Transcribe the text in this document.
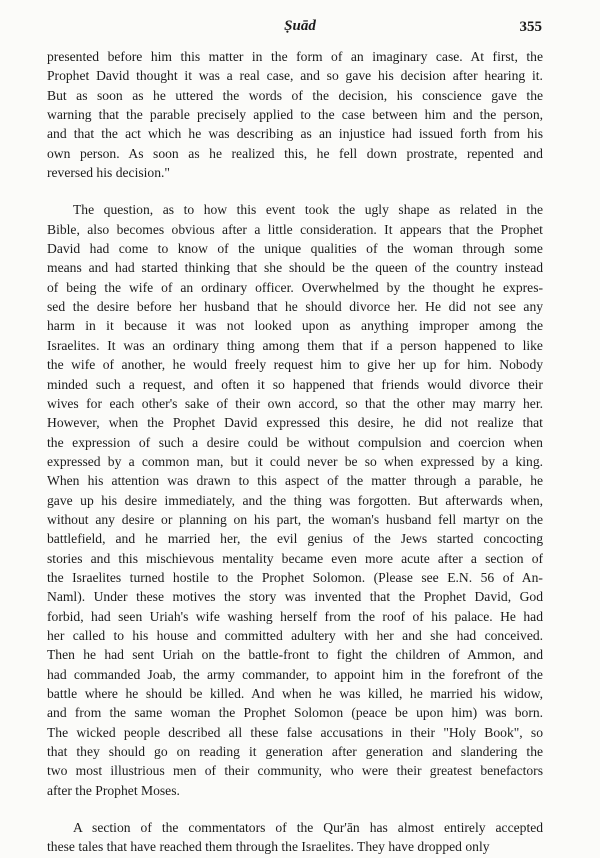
Ṣuād	355

presented before him this matter in the form of an imaginary case. At first, the
Prophet David thought it was a real case, and so gave his decision after hearing it.
But as soon as he uttered the words of the decision, his conscience gave the
warning that the parable precisely applied to the case between him and the person,
and that the act which he was describing as an injustice had issued forth from his
own person. As soon as he realized this, he fell down prostrate, repented and
reversed his decision."

The question, as to how this event took the ugly shape as related in the
Bible, also becomes obvious after a little consideration. It appears that the Prophet
David had come to know of the unique qualities of the woman through some
means and had started thinking that she should be the queen of the country instead
of being the wife of an ordinary officer. Overwhelmed by the thought he expres-
sed the desire before her husband that he should divorce her. He did not see any
harm in it because it was not looked upon as anything improper among the
Israelites. It was an ordinary thing among them that if a person happened to like
the wife of another, he would freely request him to give her up for him. Nobody
minded such a request, and often it so happened that friends would divorce their
wives for each other's sake of their own accord, so that the other may marry her.
However, when the Prophet David expressed this desire, he did not realize that
the expression of such a desire could be without compulsion and coercion when
expressed by a common man, but it could never be so when expressed by a king.
When his attention was drawn to this aspect of the matter through a parable, he
gave up his desire immediately, and the thing was forgotten. But afterwards when,
without any desire or planning on his part, the woman's husband fell martyr on the
battlefield, and he married her, the evil genius of the Jews started concocting
stories and this mischievous mentality became even more acute after a section of
the Israelites turned hostile to the Prophet Solomon. (Please see E.N. 56 of An-
Naml). Under these motives the story was invented that the Prophet David, God
forbid, had seen Uriah's wife washing herself from the roof of his palace. He had
her called to his house and committed adultery with her and she had conceived.
Then he had sent Uriah on the battle-front to fight the children of Ammon, and
had commanded Joab, the army commander, to appoint him in the forefront of the
battle where he should be killed. And when he was killed, he married his widow,
and from the same woman the Prophet Solomon (peace be upon him) was born.
The wicked people described all these false accusations in their "Holy Book", so
that they should go on reading it generation after generation and slandering the
two most illustrious men of their community, who were their greatest benefactors
after the Prophet Moses.

A section of the commentators of the Qur'ān has almost entirely accepted
these tales that have reached them through the Israelites. They have dropped only
